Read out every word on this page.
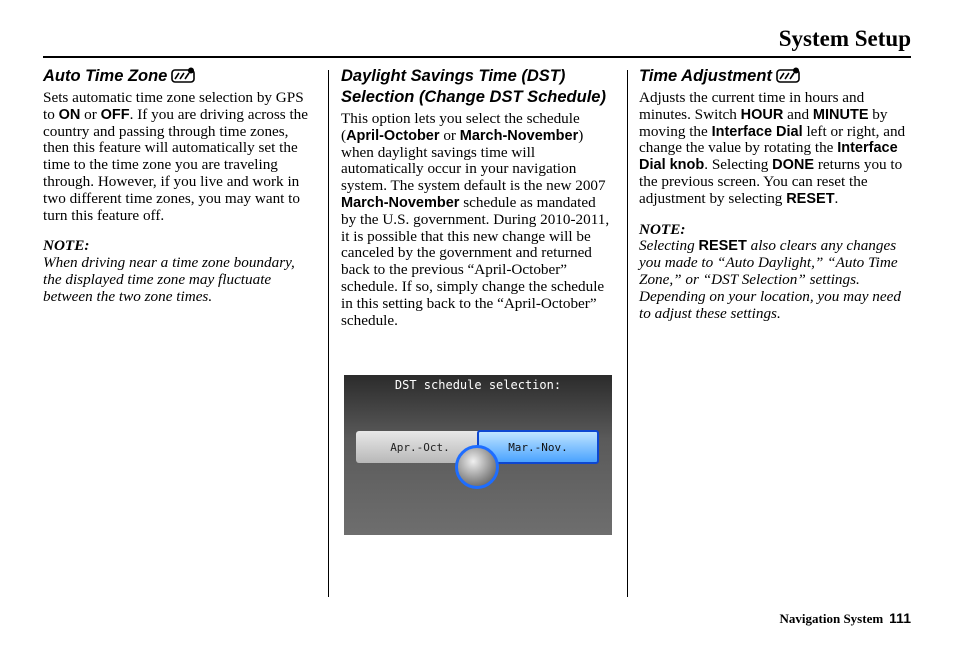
System Setup
Auto Time Zone

Sets automatic time zone selection by GPS to ON or OFF. If you are driving across the country and passing through time zones, then this feature will automatically set the time to the time zone you are traveling through. However, if you live and work in two different time zones, you may want to turn this feature off.

NOTE:

When driving near a time zone boundary, the displayed time zone may fluctuate between the two zone times.

Daylight Savings Time (DST) Selection (Change DST Schedule)

This option lets you select the schedule (April-October or March-November) when daylight savings time will automatically occur in your navigation system. The system default is the new 2007 March-November schedule as mandated by the U.S. government. During 2010-2011, it is possible that this new change will be canceled by the government and returned back to the previous “April-October” schedule. If so, simply change the schedule in this setting back to the “April-October” schedule.

DST schedule selection:
Apr.-Oct.	Mar.-Nov.
Time Adjustment

Adjusts the current time in hours and minutes. Switch HOUR and MINUTE by moving the Interface Dial left or right, and change the value by rotating the Interface Dial knob. Selecting DONE returns you to the previous screen. You can reset the adjustment by selecting RESET.

NOTE:

Selecting RESET also clears any changes you made to “Auto Daylight,” “Auto Time Zone,” or “DST Selection” settings. Depending on your location, you may need to adjust these settings.

Navigation System 111
